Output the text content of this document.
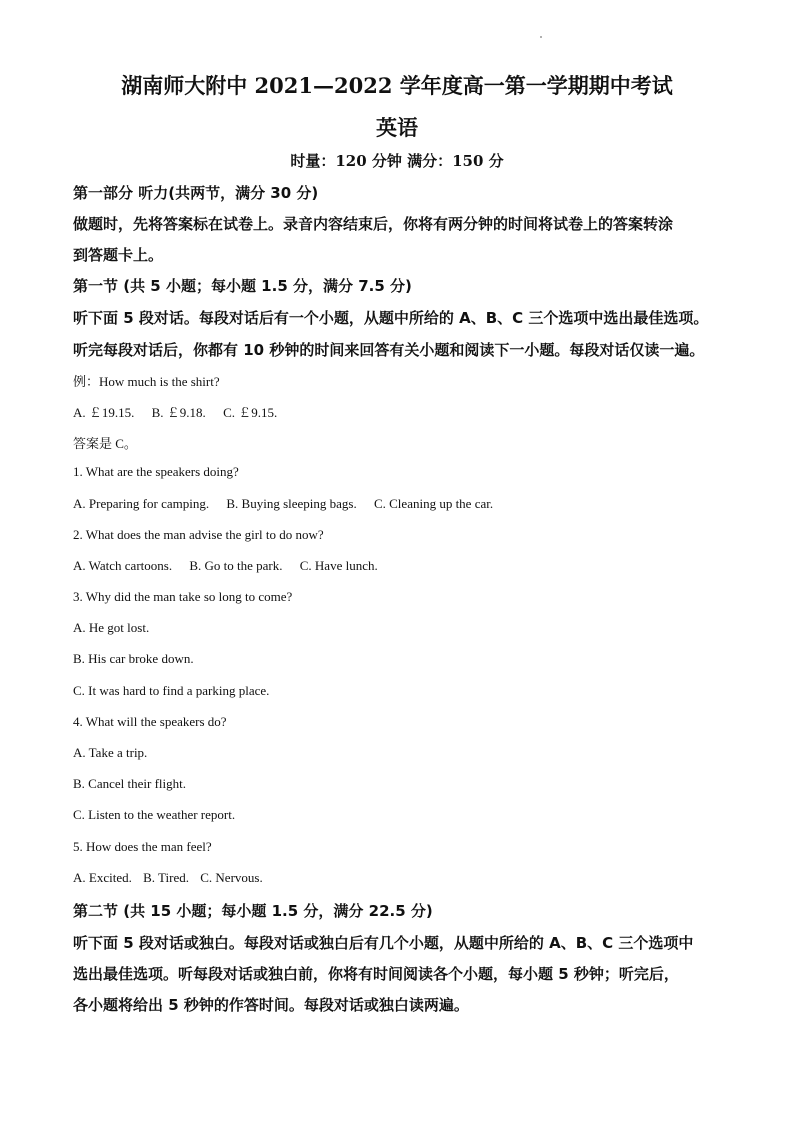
湖南师大附中 2021—2022 学年度高一第一学期期中考试
英语
时量：120 分钟 满分：150 分
第一部分 听力(共两节，满分 30 分)
做题时，先将答案标在试卷上。录音内容结束后，你将有两分钟的时间将试卷上的答案转涂
到答题卡上。
第一节 (共 5 小题；每小题 1.5 分，满分 7.5 分)
听下面 5 段对话。每段对话后有一个小题，从题中所给的 A、B、C 三个选项中选出最佳选项。
听完每段对话后，你都有 10 秒钟的时间来回答有关小题和阅读下一小题。每段对话仅读一遍。
例：How much is the shirt?
A. ￡19.15. B. ￡9.18. C. ￡9.15.
答案是 C。
1. What are the speakers doing?
A. Preparing for camping. B. Buying sleeping bags. C. Cleaning up the car.
2. What does the man advise the girl to do now?
A. Watch cartoons. B. Go to the park. C. Have lunch.
3. Why did the man take so long to come?
A. He got lost.
B. His car broke down.
C. It was hard to find a parking place.
4. What will the speakers do?
A. Take a trip.
B. Cancel their flight.
C. Listen to the weather report.
5. How does the man feel?
A. Excited. B. Tired. C. Nervous.
第二节 (共 15 小题；每小题 1.5 分，满分 22.5 分)
听下面 5 段对话或独白。每段对话或独白后有几个小题，从题中所给的 A、B、C 三个选项中
选出最佳选项。听每段对话或独白前，你将有时间阅读各个小题，每小题 5 秒钟；听完后，
各小题将给出 5 秒钟的作答时间。每段对话或独白读两遍。
